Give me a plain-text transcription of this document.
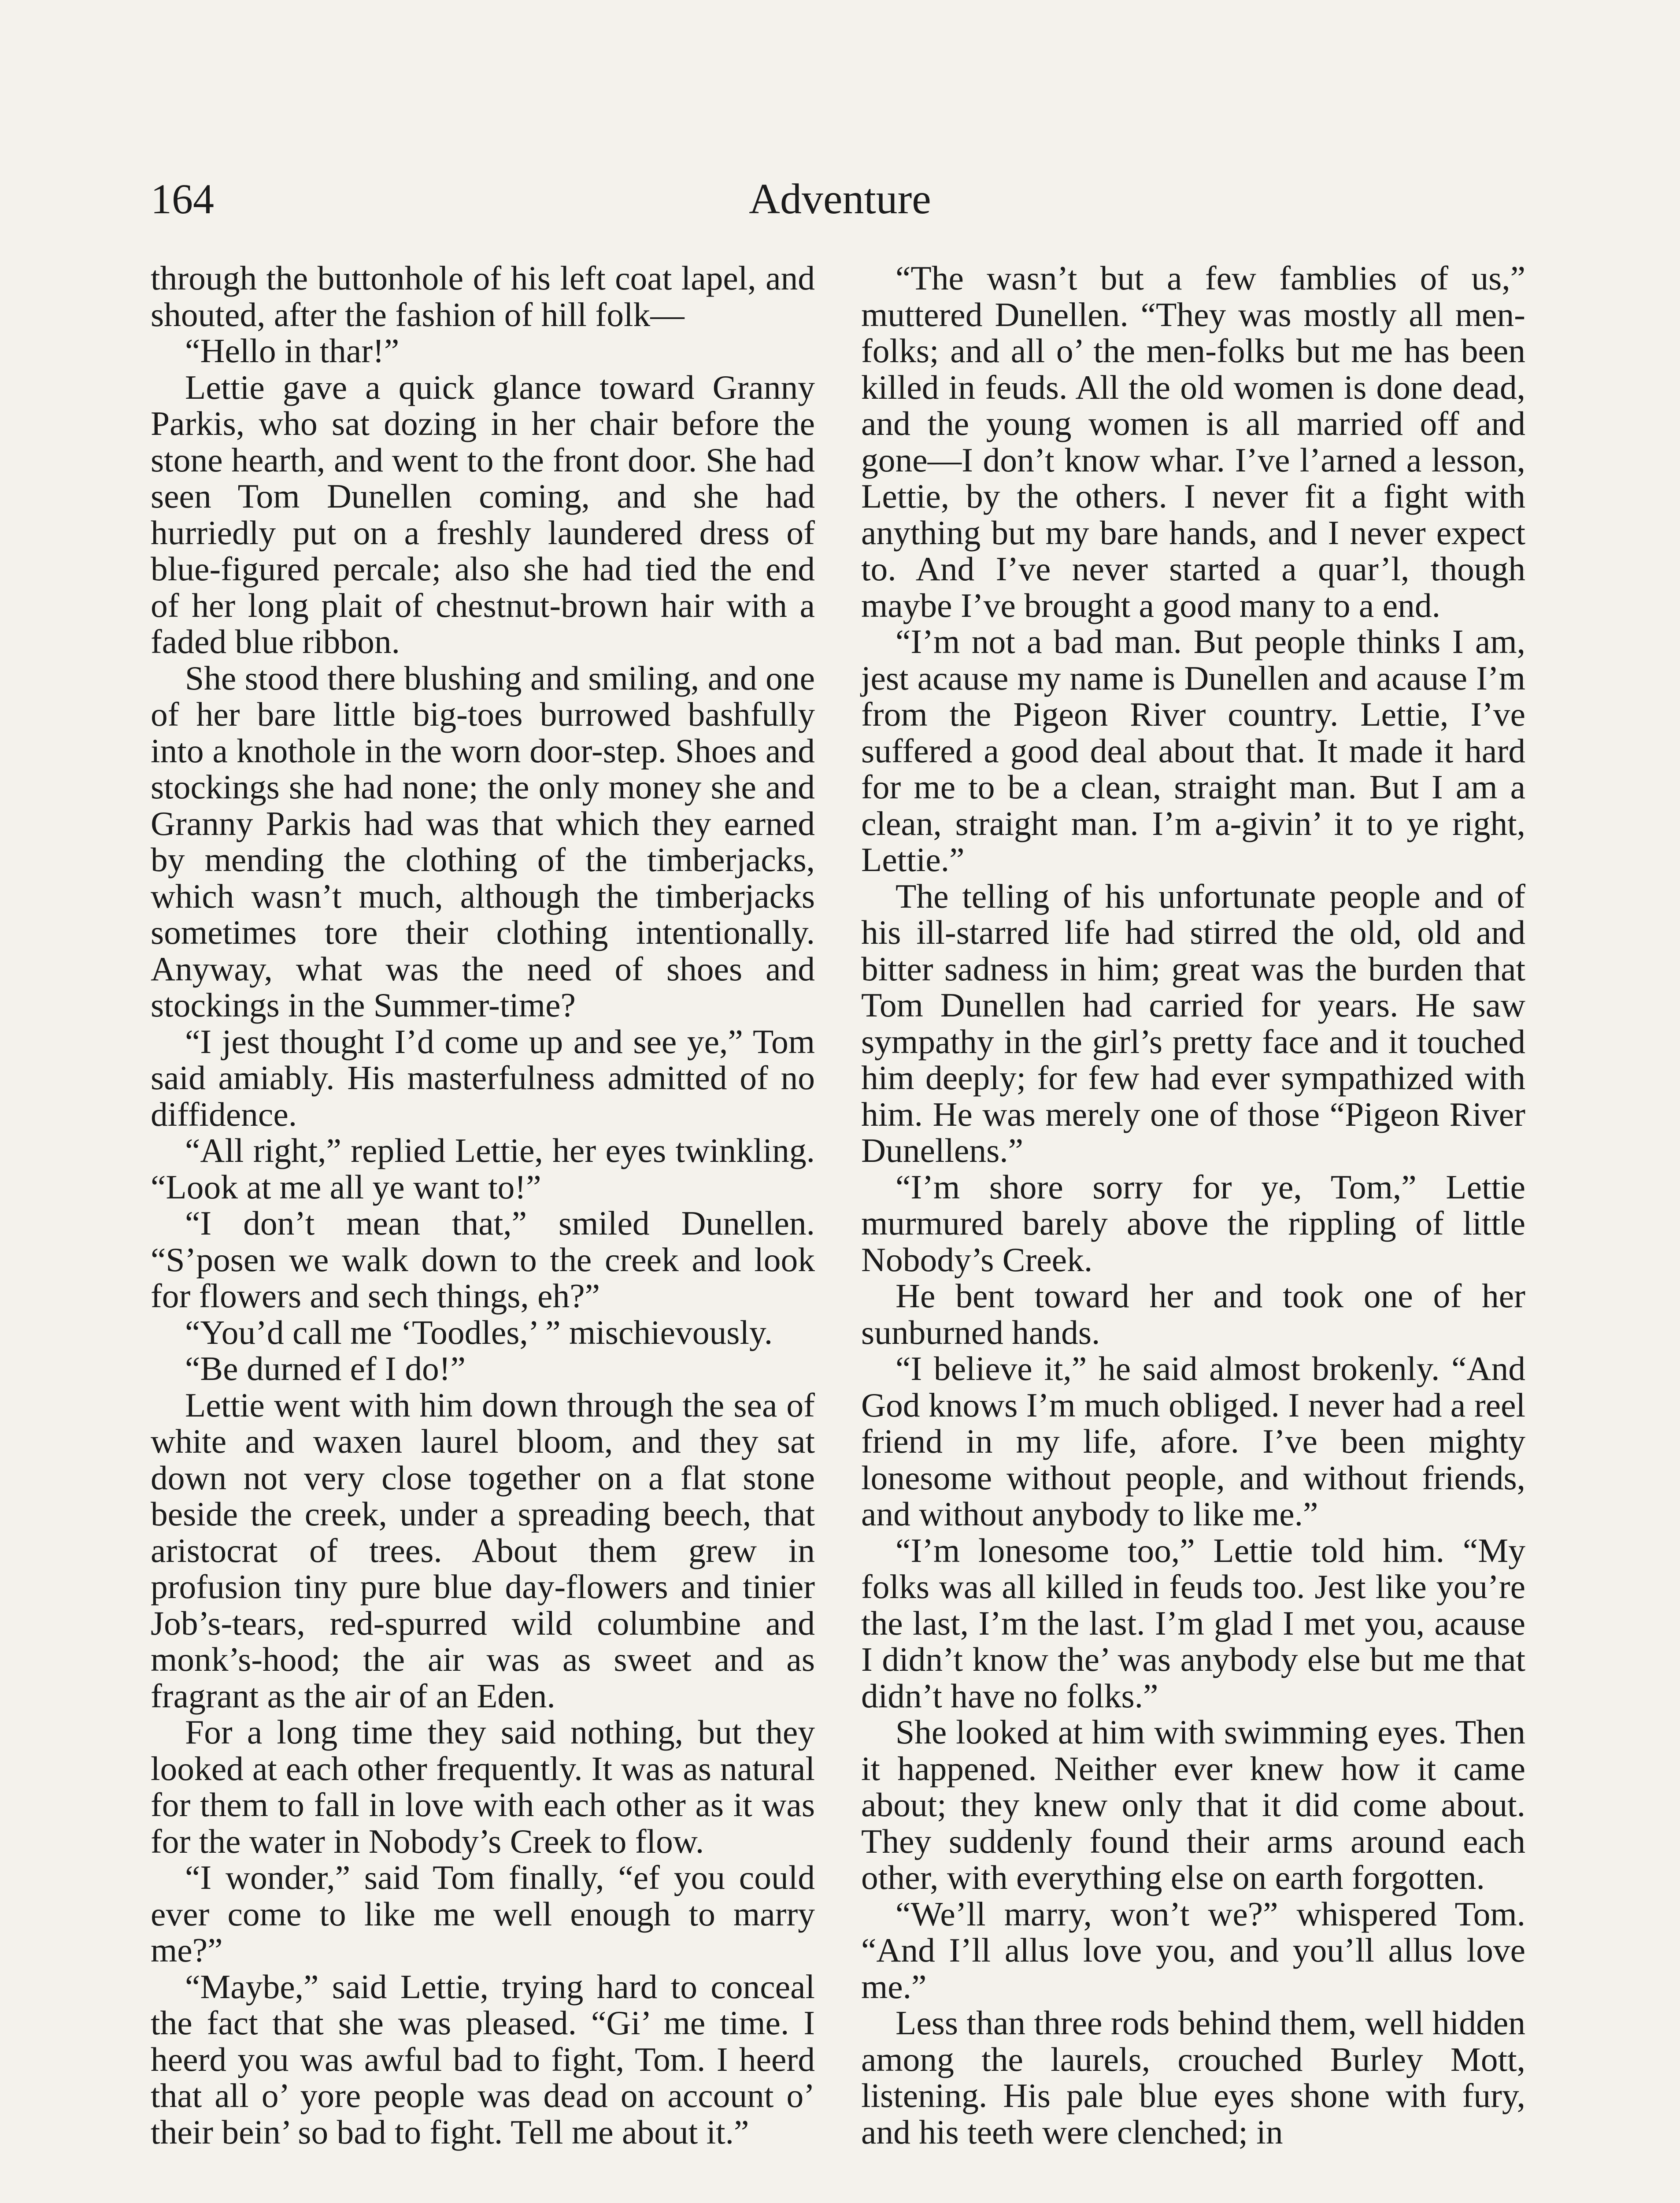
164	Adventure

through the buttonhole of his left coat lapel, and shouted, after the fashion of hill folk—

“Hello in thar!”

Lettie gave a quick glance toward Granny Parkis, who sat dozing in her chair before the stone hearth, and went to the front door. She had seen Tom Dunellen coming, and she had hurriedly put on a freshly laundered dress of blue-figured percale; also she had tied the end of her long plait of chestnut-brown hair with a faded blue ribbon.

She stood there blushing and smiling, and one of her bare little big-toes burrowed bashfully into a knothole in the worn door-step. Shoes and stockings she had none; the only money she and Granny Parkis had was that which they earned by mending the clothing of the timberjacks, which wasn’t much, although the timberjacks sometimes tore their clothing intentionally. Anyway, what was the need of shoes and stockings in the Summer-time?

“I jest thought I’d come up and see ye,” Tom said amiably. His masterfulness admitted of no diffidence.

“All right,” replied Lettie, her eyes twinkling. “Look at me all ye want to!”

“I don’t mean that,” smiled Dunellen. “S’posen we walk down to the creek and look for flowers and sech things, eh?”

“You’d call me ‘Toodles,’ ” mischievously.

“Be durned ef I do!”

Lettie went with him down through the sea of white and waxen laurel bloom, and they sat down not very close together on a flat stone beside the creek, under a spreading beech, that aristocrat of trees. About them grew in profusion tiny pure blue day-flowers and tinier Job’s-tears, red-spurred wild columbine and monk’s-hood; the air was as sweet and as fragrant as the air of an Eden.

For a long time they said nothing, but they looked at each other frequently. It was as natural for them to fall in love with each other as it was for the water in Nobody’s Creek to flow.

“I wonder,” said Tom finally, “ef you could ever come to like me well enough to marry me?”

“Maybe,” said Lettie, trying hard to conceal the fact that she was pleased. “Gi’ me time. I heerd you was awful bad to fight, Tom. I heerd that all o’ yore people was dead on account o’ their bein’ so bad to fight. Tell me about it.”

“The wasn’t but a few famblies of us,” muttered Dunellen. “They was mostly all men-folks; and all o’ the men-folks but me has been killed in feuds. All the old women is done dead, and the young women is all married off and gone—I don’t know whar. I’ve l’arned a lesson, Lettie, by the others. I never fit a fight with anything but my bare hands, and I never expect to. And I’ve never started a quar’l, though maybe I’ve brought a good many to a end.

“I’m not a bad man. But people thinks I am, jest acause my name is Dunellen and acause I’m from the Pigeon River country. Lettie, I’ve suffered a good deal about that. It made it hard for me to be a clean, straight man. But I am a clean, straight man. I’m a-givin’ it to ye right, Lettie.”

The telling of his unfortunate people and of his ill-starred life had stirred the old, old and bitter sadness in him; great was the burden that Tom Dunellen had carried for years. He saw sympathy in the girl’s pretty face and it touched him deeply; for few had ever sympathized with him. He was merely one of those “Pigeon River Dunellens.”

“I’m shore sorry for ye, Tom,” Lettie murmured barely above the rippling of little Nobody’s Creek.

He bent toward her and took one of her sunburned hands.

“I believe it,” he said almost brokenly. “And God knows I’m much obliged. I never had a reel friend in my life, afore. I’ve been mighty lonesome without people, and without friends, and without anybody to like me.”

“I’m lonesome too,” Lettie told him. “My folks was all killed in feuds too. Jest like you’re the last, I’m the last. I’m glad I met you, acause I didn’t know the’ was anybody else but me that didn’t have no folks.”

She looked at him with swimming eyes. Then it happened. Neither ever knew how it came about; they knew only that it did come about. They suddenly found their arms around each other, with everything else on earth forgotten.

“We’ll marry, won’t we?” whispered Tom. “And I’ll allus love you, and you’ll allus love me.”

Less than three rods behind them, well hidden among the laurels, crouched Burley Mott, listening. His pale blue eyes shone with fury, and his teeth were clenched; in
